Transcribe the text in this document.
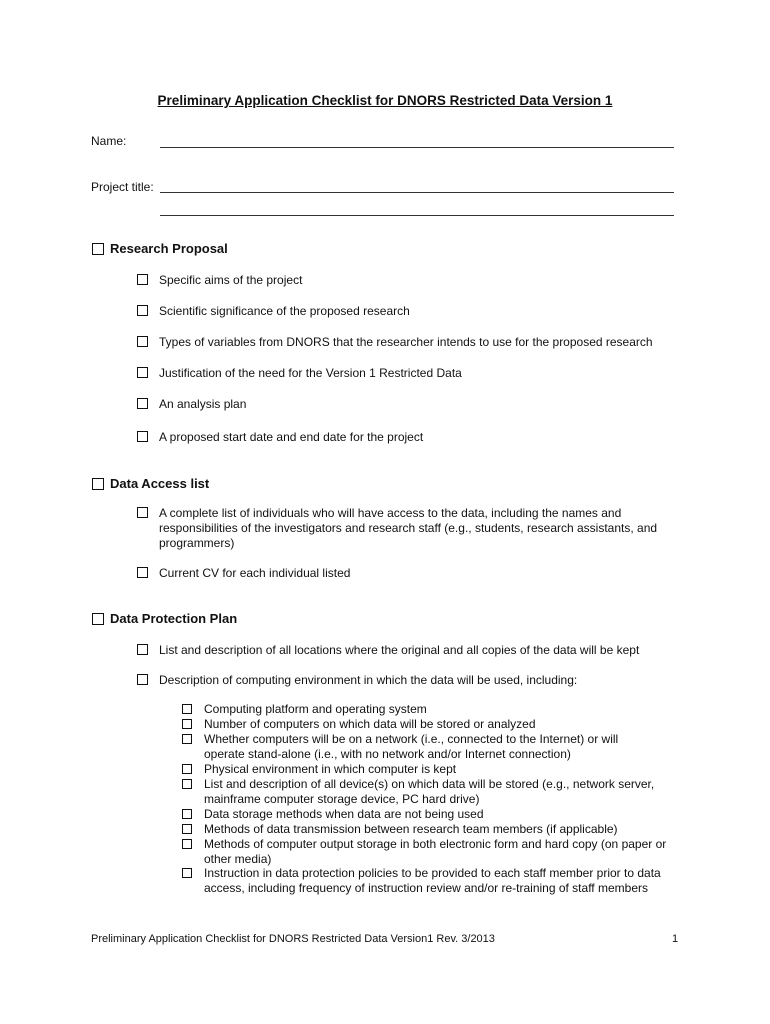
Preliminary Application Checklist for DNORS Restricted Data Version 1
Name:
Project title:
Research Proposal
Specific aims of the project
Scientific significance of the proposed research
Types of variables from DNORS that the researcher intends to use for the proposed research
Justification of the need for the Version 1 Restricted Data
An analysis plan
A proposed start date and end date for the project
Data Access list
A complete list of individuals who will have access to the data, including the names and responsibilities of the investigators and research staff (e.g., students, research assistants, and programmers)
Current CV for each individual listed
Data Protection Plan
List and description of all locations where the original and all copies of the data will be kept
Description of computing environment in which the data will be used, including:
Computing platform and operating system
Number of computers on which data will be stored or analyzed
Whether computers will be on a network (i.e., connected to the Internet) or will operate stand-alone (i.e., with no network and/or Internet connection)
Physical environment in which computer is kept
List and description of all device(s) on which data will be stored (e.g., network server, mainframe computer storage device, PC hard drive)
Data storage methods when data are not being used
Methods of data transmission between research team members (if applicable)
Methods of computer output storage in both electronic form and hard copy (on paper or other media)
Instruction in data protection policies to be provided to each staff member prior to data access, including frequency of instruction review and/or re-training of staff members
Preliminary Application Checklist for DNORS Restricted Data Version1 Rev. 3/2013	1
